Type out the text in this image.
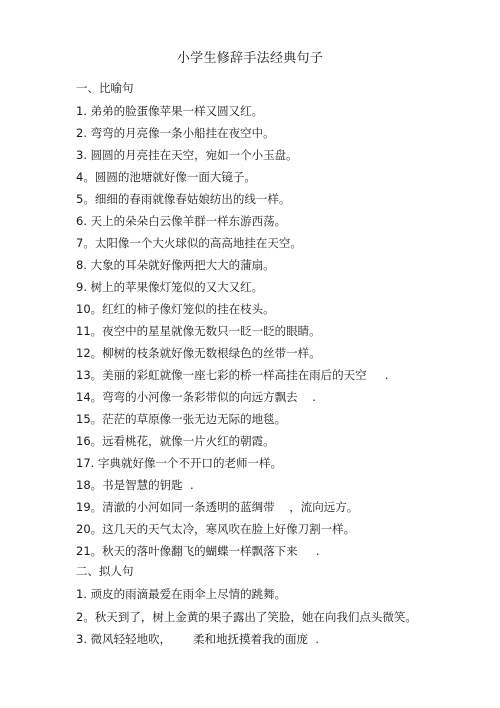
小学生修辞手法经典句子
一、比喻句
1. 弟弟的脸蛋像苹果一样又圆又红。
2. 弯弯的月亮像一条小船挂在夜空中。
3. 圆圆的月亮挂在天空，宛如一个小玉盘。
4。圆圆的池塘就好像一面大镜子。
5。细细的春雨就像春姑娘纺出的线一样。
6. 天上的朵朵白云像羊群一样东游西荡。
7。太阳像一个大火球似的高高地挂在天空。
8. 大象的耳朵就好像两把大大的蒲扇。
9. 树上的苹果像灯笼似的又大又红。
10。红红的柿子像灯笼似的挂在枝头。
11。夜空中的星星就像无数只一眨一眨的眼睛。
12。柳树的枝条就好像无数根绿色的丝带一样。
13。美丽的彩虹就像一座七彩的桥一样高挂在雨后的天空     .
14。弯弯的小河像一条彩带似的向远方飘去    .
15。茫茫的草原像一张无边无际的地毯。
16。远看桃花，就像一片火红的朝霞。
17. 字典就好像一个不开口的老师一样。
18。书是智慧的钥匙  .
19。清澈的小河如同一条透明的蓝绸带    ，流向远方。
20。这几天的天气太冷，寒风吹在脸上好像刀割一样。
21。秋天的落叶像翻飞的蝴蝶一样飘落下来     .
二、拟人句
1. 顽皮的雨滴最爱在雨伞上尽情的跳舞。
2。秋天到了，树上金黄的果子露出了笑脸，她在向我们点头微笑。
3. 微风轻轻地吹，      柔和地抚摸着我的面庞  .
